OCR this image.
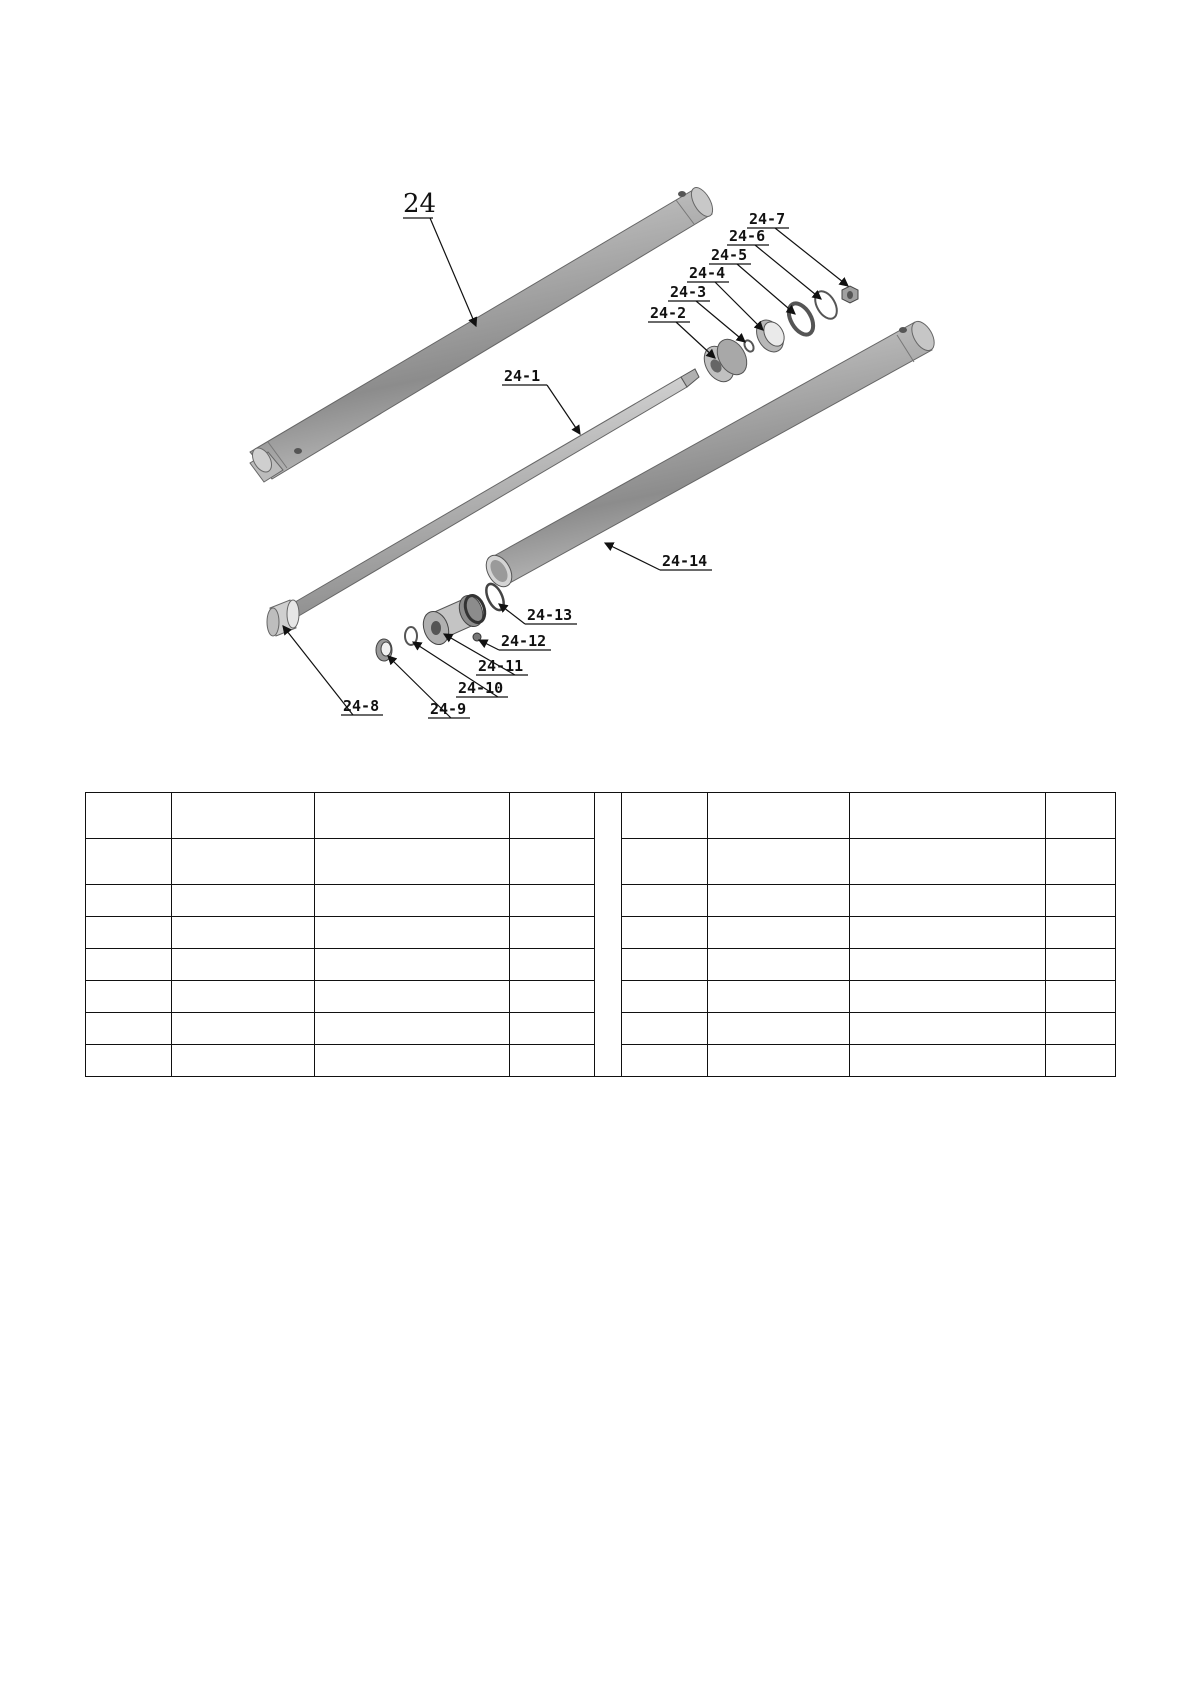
24
24-1
24-2
24-3
24-4
24-5
24-6
24-7
24-8	24-9
24-10
24-11
24-12
24-13
24-14
